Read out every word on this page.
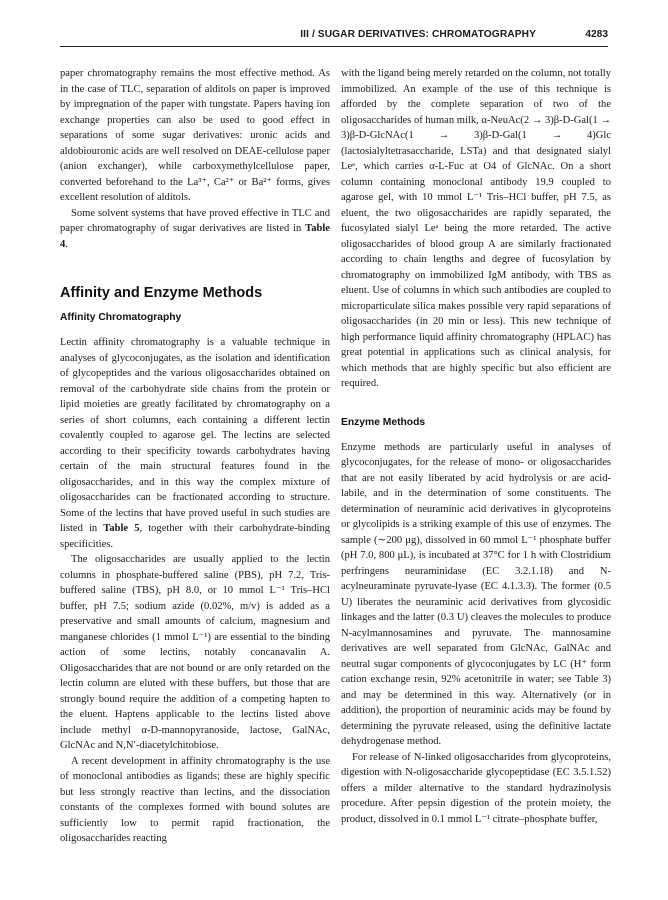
III / SUGAR DERIVATIVES: CHROMATOGRAPHY	4283

paper chromatography remains the most effective method. As in the case of TLC, separation of alditols on paper is improved by impregnation of the paper with tungstate. Papers having ion exchange properties can also be used to good effect in separations of some sugar derivatives: uronic acids and aldobiouronic acids are well resolved on DEAE-cellulose paper (anion exchanger), while carboxymethylcellulose paper, converted beforehand to the La³⁺, Ca²⁺ or Ba²⁺ forms, gives excellent resolution of alditols.

Some solvent systems that have proved effective in TLC and paper chromatography of sugar derivatives are listed in Table 4.

Affinity and Enzyme Methods
Affinity Chromatography

Lectin affinity chromatography is a valuable technique in analyses of glycoconjugates, as the isolation and identification of glycopeptides and the various oligosaccharides obtained on removal of the carbohydrate side chains from the protein or lipid moieties are greatly facilitated by chromatography on a series of short columns, each containing a different lectin covalently coupled to agarose gel. The lectins are selected according to their specificity towards carbohydrates having certain of the main structural features found in the oligosaccharides, and in this way the complex mixture of oligosaccharides can be fractionated according to structure. Some of the lectins that have proved useful in such studies are listed in Table 5, together with their carbohydrate-binding specificities.

The oligosaccharides are usually applied to the lectin columns in phosphate-buffered saline (PBS), pH 7.2, Tris-buffered saline (TBS), pH 8.0, or 10 mmol L⁻¹ Tris–HCl buffer, pH 7.5; sodium azide (0.02%, m/v) is added as a preservative and small amounts of calcium, magnesium and manganese chlorides (1 mmol L⁻¹) are essential to the binding action of some lectins, notably concanavalin A. Oligosaccharides that are not bound or are only retarded on the lectin column are eluted with these buffers, but those that are strongly bound require the addition of a competing hapten to the eluent. Haptens applicable to the lectins listed above include methyl α-D-mannopyranoside, lactose, GalNAc, GlcNAc and N,N′-diacetylchitobiose.

A recent development in affinity chromatography is the use of monoclonal antibodies as ligands; these are highly specific but less strongly reactive than lectins, and the dissociation constants of the complexes formed with bound solutes are sufficiently low to permit rapid fractionation, the oligosaccharides reacting

with the ligand being merely retarded on the column, not totally immobilized. An example of the use of this technique is afforded by the complete separation of two of the oligosaccharides of human milk, α-NeuAc(2 → 3)β-D-Gal(1 → 3)β-D-GlcNAc(1 → 3)β-D-Gal(1 → 4)Glc (lactosialyltetrasaccharide, LSTa) and that designated sialyl Leᵃ, which carries α-L-Fuc at O4 of GlcNAc. On a short column containing monoclonal antibody 19.9 coupled to agarose gel, with 10 mmol L⁻¹ Tris–HCl buffer, pH 7.5, as eluent, the two oligosaccharides are rapidly separated, the fucosylated sialyl Leᵃ being the more retarded. The active oligosaccharides of blood group A are similarly fractionated according to chain lengths and degree of fucosylation by chromatography on immobilized IgM antibody, with TBS as eluent. Use of columns in which such antibodies are coupled to microparticulate silica makes possible very rapid separations of oligosaccharides (in 20 min or less). This new technique of high performance liquid affinity chromatography (HPLAC) has great potential in applications such as clinical analysis, for which methods that are highly specific but also efficient are required.

Enzyme Methods

Enzyme methods are particularly useful in analyses of glycoconjugates, for the release of mono- or oligosaccharides that are not easily liberated by acid hydrolysis or are acid-labile, and in the determination of some constituents. The determination of neuraminic acid derivatives in glycoproteins or glycolipids is a striking example of this use of enzymes. The sample (∼200 μg), dissolved in 60 mmol L⁻¹ phosphate buffer (pH 7.0, 800 μL), is incubated at 37°C for 1 h with Clostridium perfringens neuraminidase (EC 3.2.1.18) and N-acylneuraminate pyruvate-lyase (EC 4.1.3.3). The former (0.5 U) liberates the neuraminic acid derivatives from glycosidic linkages and the latter (0.3 U) cleaves the molecules to produce N-acylmannosamines and pyruvate. The mannosamine derivatives are well separated from GlcNAc, GalNAc and neutral sugar components of glycoconjugates by LC (H⁺ form cation exchange resin, 92% acetonitrile in water; see Table 3) and may be determined in this way. Alternatively (or in addition), the proportion of neuraminic acids may be found by determining the pyruvate released, using the definitive lactate dehydrogenase method.

For release of N-linked oligosaccharides from glycoproteins, digestion with N-oligosaccharide glycopeptidase (EC 3.5.1.52) offers a milder alternative to the standard hydrazinolysis procedure. After pepsin digestion of the protein moiety, the product, dissolved in 0.1 mmol L⁻¹ citrate–phosphate buffer,
